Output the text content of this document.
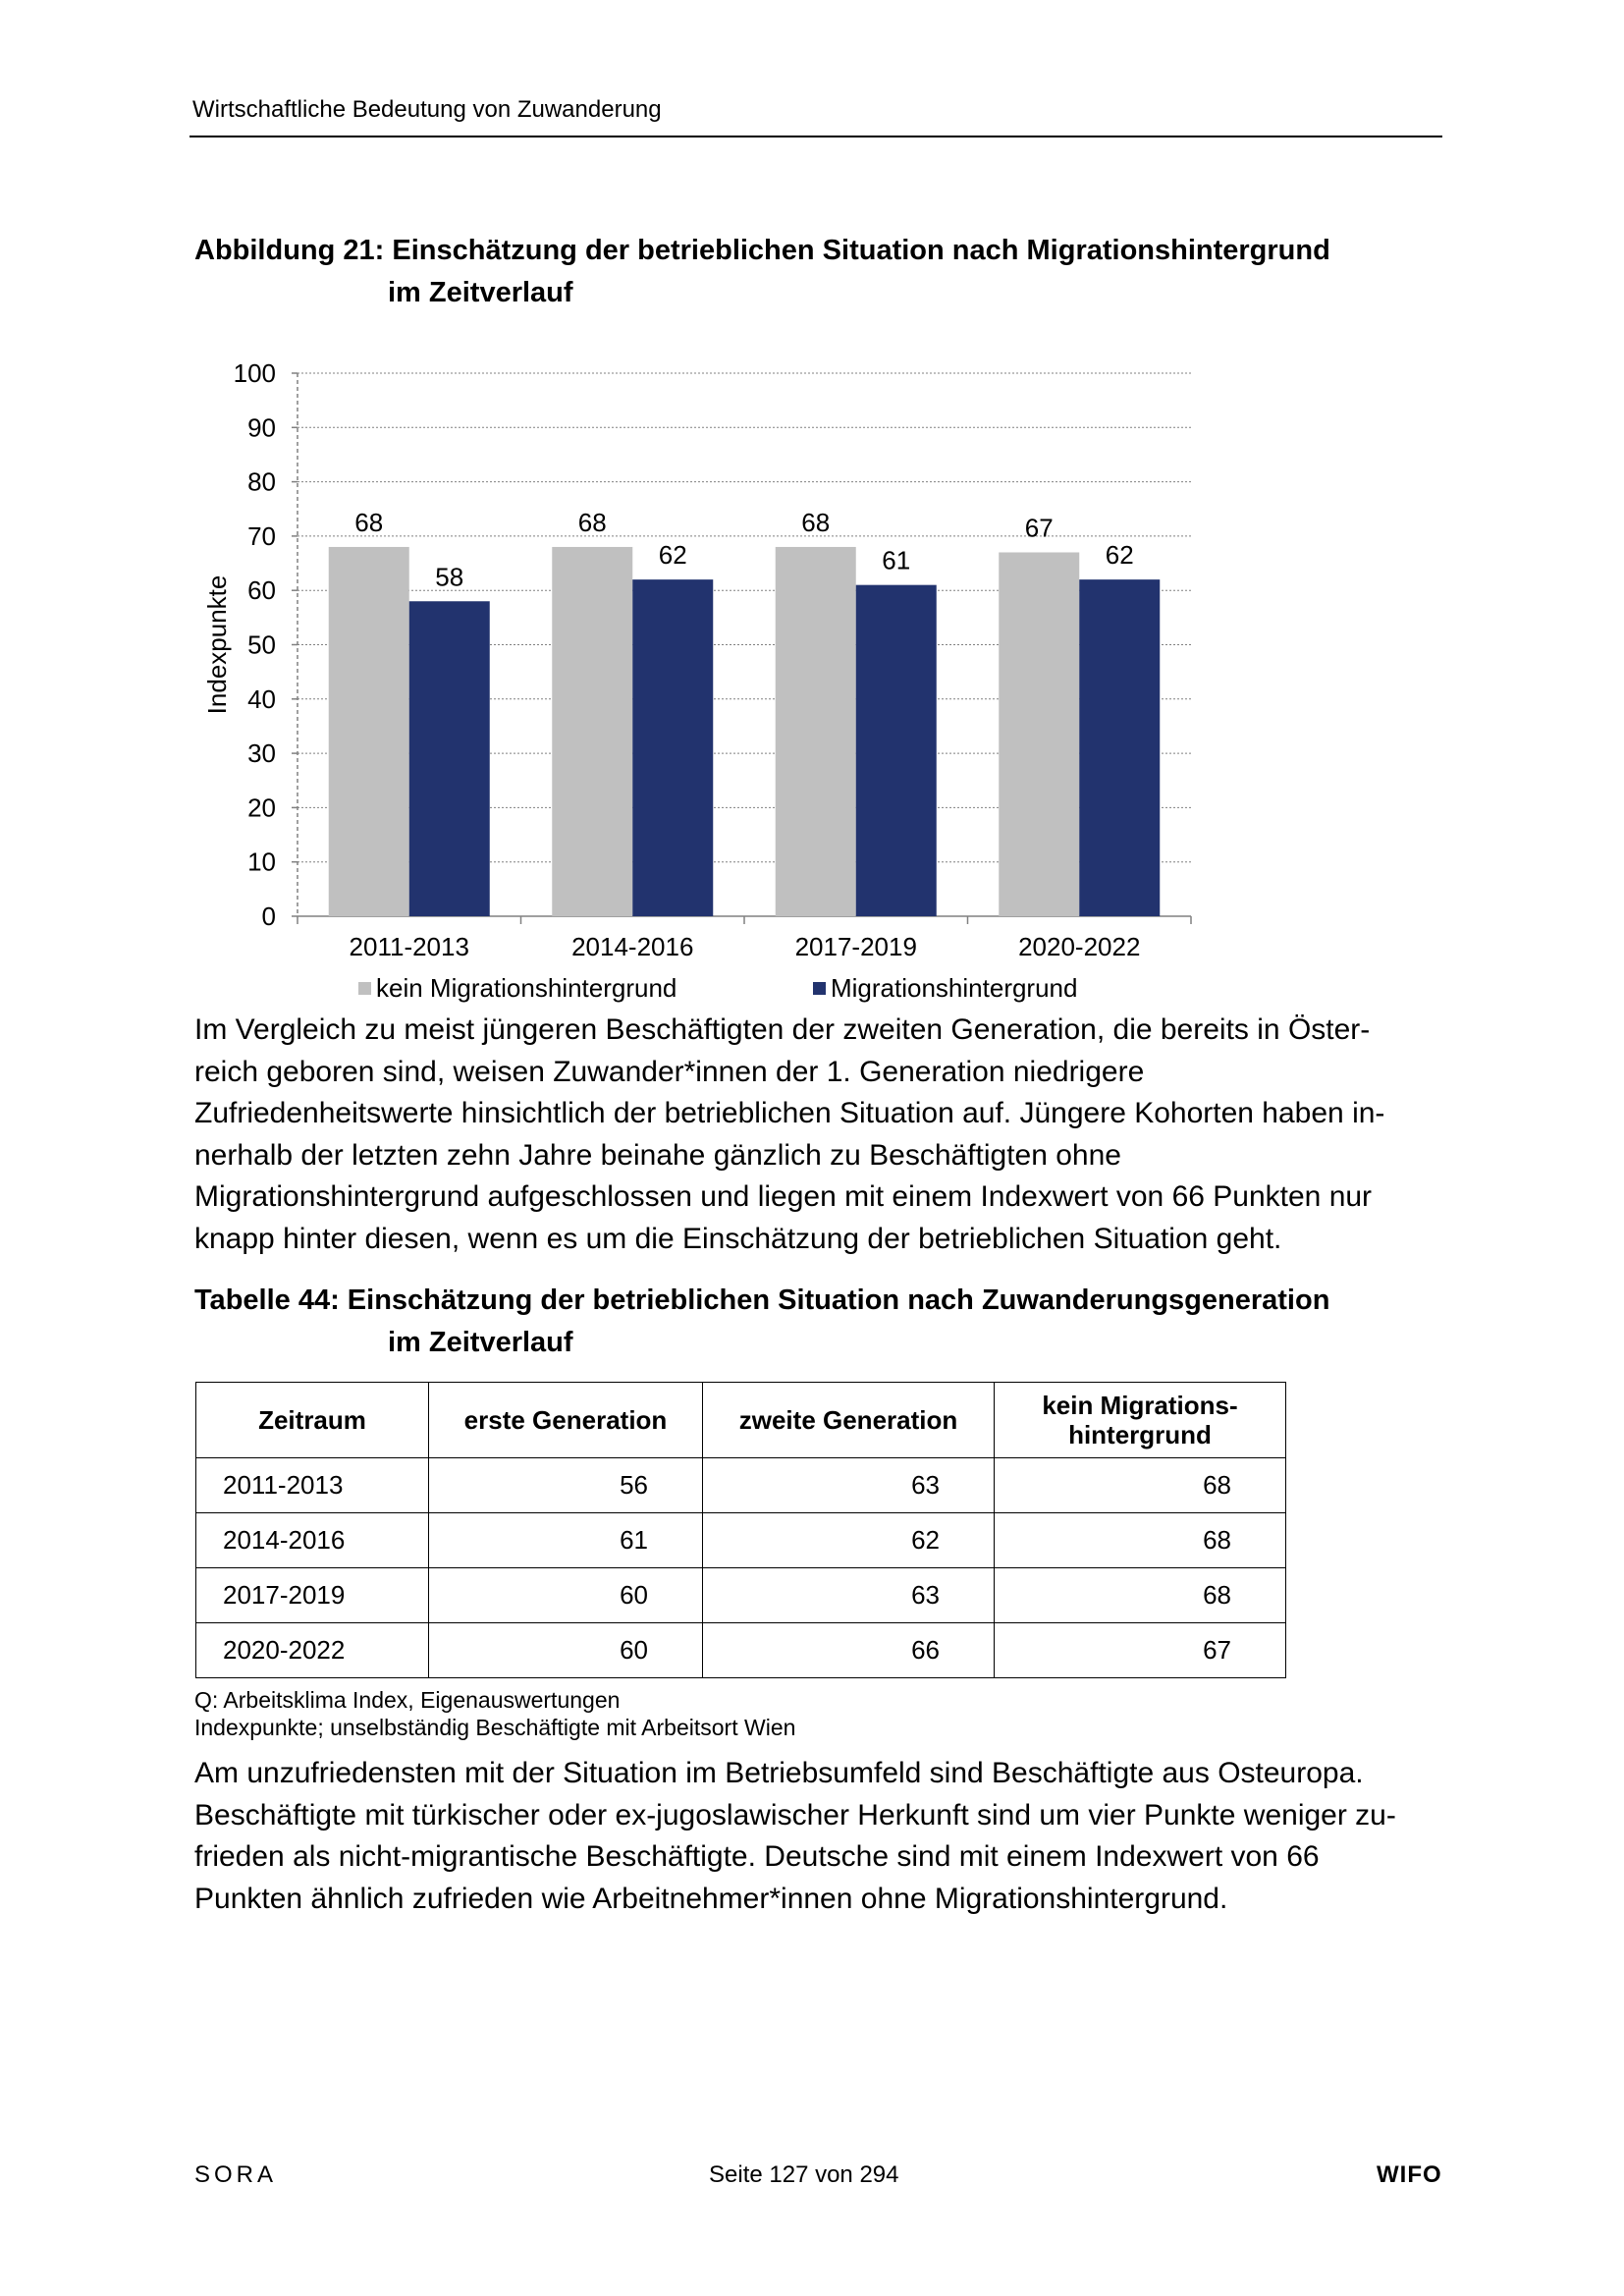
Wirtschaftliche Bedeutung von Zuwanderung
Abbildung 21: Einschätzung der betrieblichen Situation nach Migrationshintergrund
im Zeitverlauf
0
10
20
30
40
50
60
70
80
90
100
Indexpunkte
68
58
2011-2013
68
62
2014-2016
68
61
2017-2019
67
62
2020-2022
kein Migrationshintergrund	Migrationshintergrund

Im Vergleich zu meist jüngeren Beschäftigten der zweiten Generation, die bereits in Öster-
reich geboren sind, weisen Zuwander*innen der 1. Generation niedrigere
Zufriedenheitswerte hinsichtlich der betrieblichen Situation auf. Jüngere Kohorten haben in-
nerhalb der letzten zehn Jahre beinahe gänzlich zu Beschäftigten ohne
Migrationshintergrund aufgeschlossen und liegen mit einem Indexwert von 66 Punkten nur
knapp hinter diesen, wenn es um die Einschätzung der betrieblichen Situation geht.

Tabelle 44: Einschätzung der betrieblichen Situation nach Zuwanderungsgeneration
im Zeitverlauf
Zeitraum	erste Generation	zweite Generation	kein Migrations-
hintergrund
2011-2013	56	63	68
2014-2016	61	62	68
2017-2019	60	63	68
2020-2022	60	66	67
Q: Arbeitsklima Index, Eigenauswertungen
Indexpunkte; unselbständig Beschäftigte mit Arbeitsort Wien

Am unzufriedensten mit der Situation im Betriebsumfeld sind Beschäftigte aus Osteuropa.
Beschäftigte mit türkischer oder ex-jugoslawischer Herkunft sind um vier Punkte weniger zu-
frieden als nicht-migrantische Beschäftigte. Deutsche sind mit einem Indexwert von 66
Punkten ähnlich zufrieden wie Arbeitnehmer*innen ohne Migrationshintergrund.

SORA	Seite 127 von 294	WIFO
